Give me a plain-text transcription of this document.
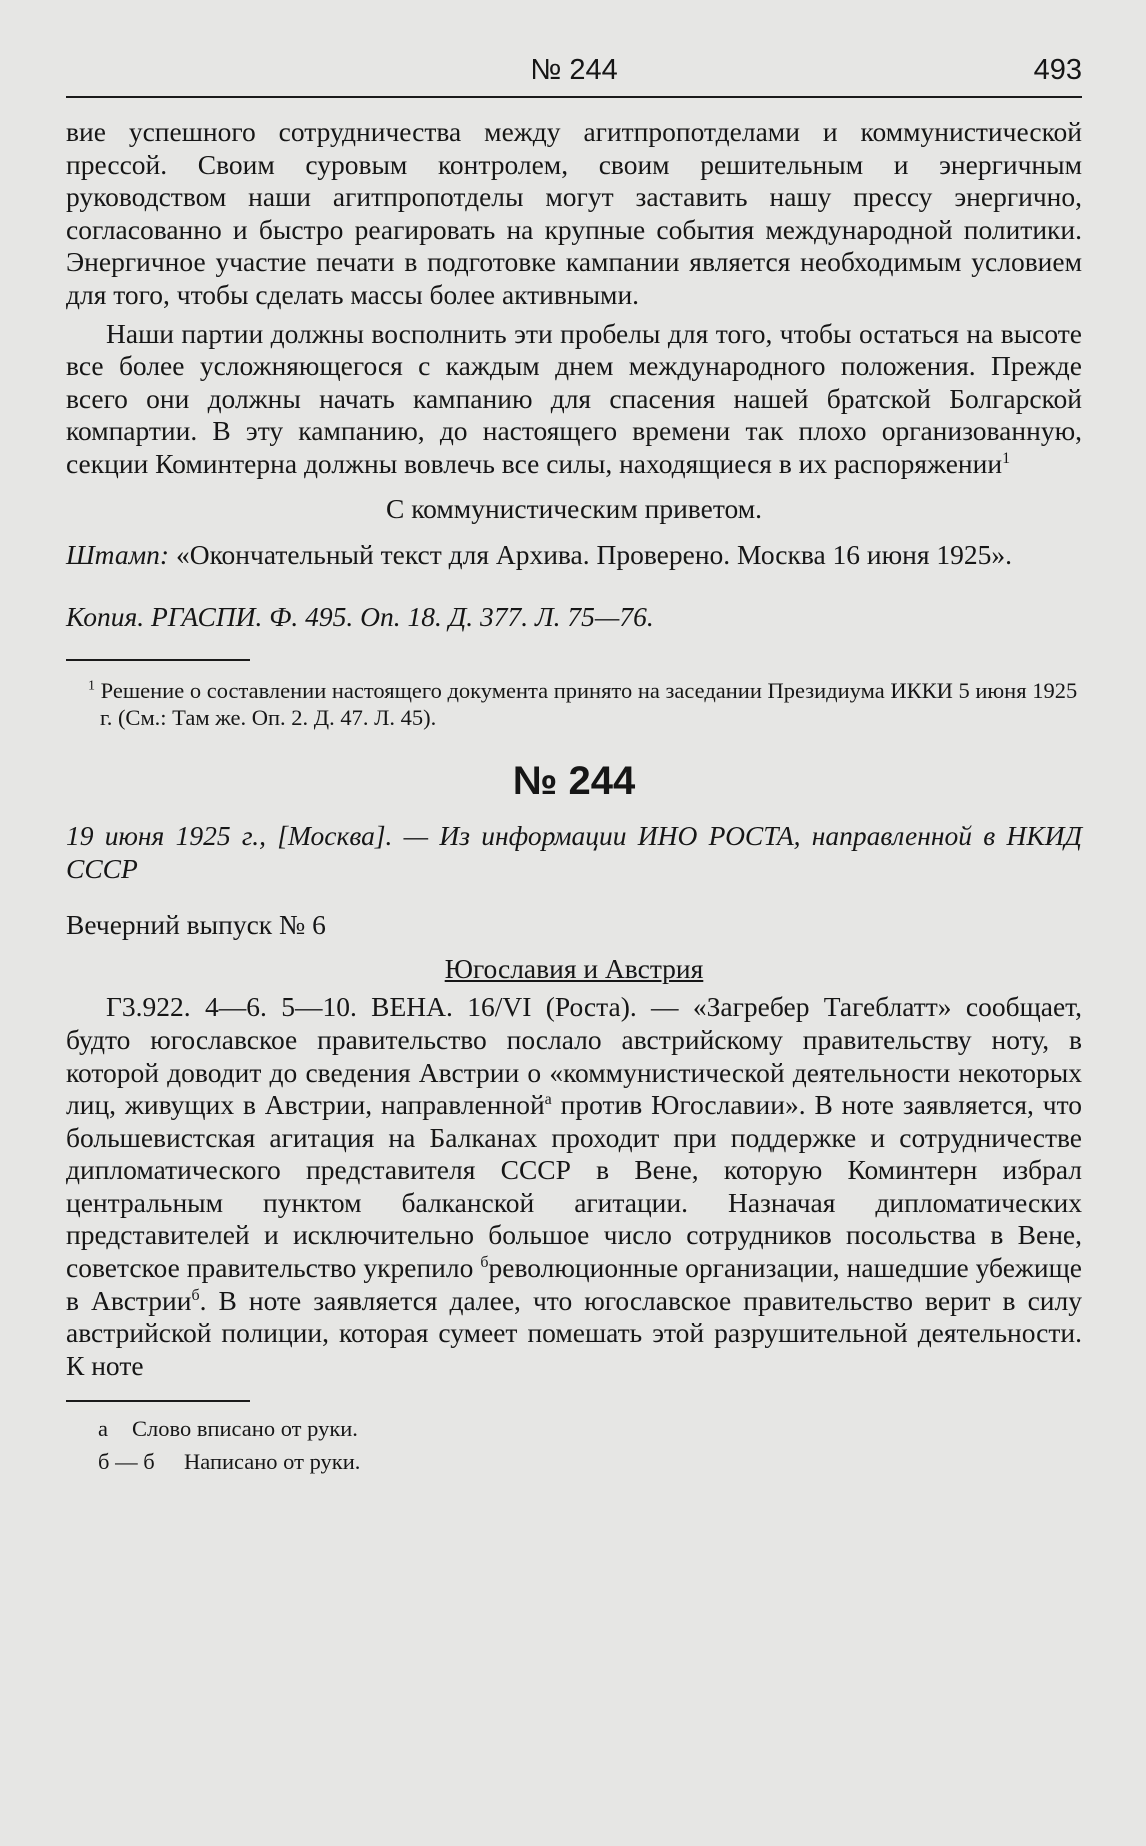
№ 244	493

вие успешного сотрудничества между агитпропотделами и коммунистической прессой. Своим суровым контролем, своим решительным и энергичным руководством наши агитпропотделы могут заставить нашу прессу энергично, согласованно и быстро реагировать на крупные события международной политики. Энергичное участие печати в подготовке кампании является необходимым условием для того, чтобы сделать массы более активными.

Наши партии должны восполнить эти пробелы для того, чтобы остаться на высоте все более усложняющегося с каждым днем международного положения. Прежде всего они должны начать кампанию для спасения нашей братской Болгарской компартии. В эту кампанию, до настоящего времени так плохо организованную, секции Коминтерна должны вовлечь все силы, находящиеся в их распоряжении$^1$

С коммунистическим приветом.

Штамп: «Окончательный текст для Архива. Проверено. Москва 16 июня 1925».

Копия. РГАСПИ. Ф. 495. Оп. 18. Д. 377. Л. 75—76.

$^1$ Решение о составлении настоящего документа принято на заседании Президиума ИККИ 5 июня 1925 г. (См.: Там же. Оп. 2. Д. 47. Л. 45).

№ 244

19 июня 1925 г., [Москва]. — Из информации ИНО РОСТА, направленной в НКИД СССР

Вечерний выпуск № 6

Югославия и Австрия

Г3.922. 4—6. 5—10. ВЕНА. 16/VI (Роста). — «Загребер Тагеблатт» сообщает, будто югославское правительство послало австрийскому правительству ноту, в которой доводит до сведения Австрии о «коммунистической деятельности некоторых лиц, живущих в Австрии, направленной$^а$ против Югославии». В ноте заявляется, что большевистская агитация на Балканах проходит при поддержке и сотрудничестве дипломатического представителя СССР в Вене, которую Коминтерн избрал центральным пунктом балканской агитации. Назначая дипломатических представителей и исключительно большое число сотрудников посольства в Вене, советское правительство укрепило $^б$революционные организации, нашедшие убежище в Австрии$^б$. В ноте заявляется далее, что югославское правительство верит в силу австрийской полиции, которая сумеет помешать этой разрушительной деятельности. К ноте

а	Слово вписано от руки.
б — б	Написано от руки.
